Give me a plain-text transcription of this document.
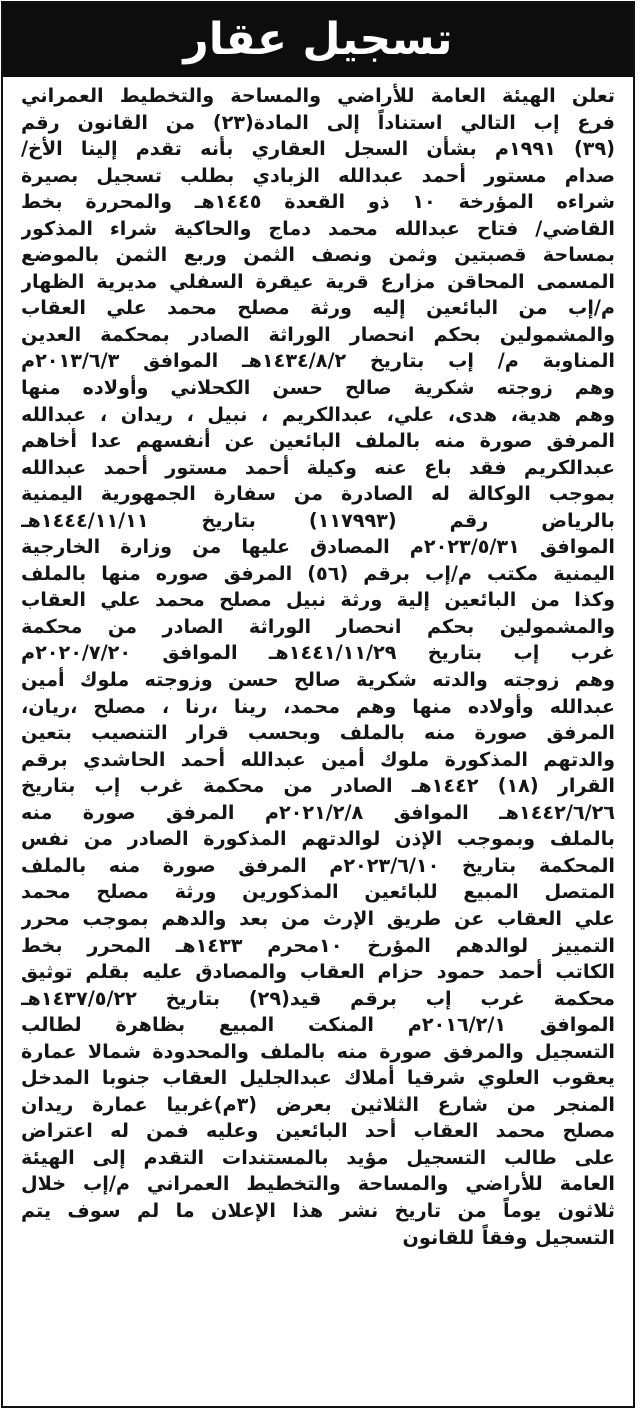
تسجيل عقار
تعلن الهيئة العامة للأراضي والمساحة والتخطيط العمراني
فرع إب التالي استناداً إلى المادة(٢٣) من القانون رقم
(٣٩) ١٩٩١م بشأن السجل العقاري بأنه تقدم إلينا الأخ/
صدام مستور أحمد عبدالله الزبادي بطلب تسجيل بصيرة
شراءه المؤرخة ١٠ ذو القعدة ١٤٤٥هـ والمحررة بخط
القاضي/ فتاح عبدالله محمد دماج والحاكية شراء المذكور
بمساحة قصبتين وثمن ونصف الثمن وربع الثمن بالموضع
المسمى المحاقن مزارع قرية عيقرة السفلي مديرية الظهار
م/إب من البائعين إليه ورثة مصلح محمد علي العقاب
والمشمولين بحكم انحصار الوراثة الصادر بمحكمة العدين
المناوبة م/ إب بتاريخ ١٤٣٤/٨/٢هـ الموافق ٢٠١٣/٦/٣م
وهم زوجته شكرية صالح حسن الكحلاني وأولاده منها
وهم هدية، هدى، علي، عبدالكريم ، نبيل ، ريدان ، عبدالله
المرفق صورة منه بالملف البائعين عن أنفسهم عدا أخاهم
عبدالكريم فقد باع عنه وكيلة أحمد مستور أحمد عبدالله
بموجب الوكالة له الصادرة من سفارة الجمهورية اليمنية
بالرياض رقم (١١٧٩٩٣) بتاريخ ١٤٤٤/١١/١١هـ
الموافق ٢٠٢٣/٥/٣١م المصادق عليها من وزارة الخارجية
اليمنية مكتب م/إب برقم (٥٦) المرفق صوره منها بالملف
وكذا من البائعين إلية ورثة نبيل مصلح محمد علي العقاب
والمشمولين بحكم انحصار الوراثة الصادر من محكمة
غرب إب بتاريخ ١٤٤١/١١/٢٩هـ الموافق ٢٠٢٠/٧/٢٠م
وهم زوجته والدته شكرية صالح حسن وزوجته ملوك أمين
عبدالله وأولاده منها وهم محمد، رينا ،رنا ، مصلح ،ريان،
المرفق صورة منه بالملف وبحسب قرار التنصيب بتعين
والدتهم المذكورة ملوك أمين عبدالله أحمد الحاشدي برقم
القرار (١٨) ١٤٤٢هـ الصادر من محكمة غرب إب بتاريخ
١٤٤٢/٦/٢٦هـ الموافق ٢٠٢١/٢/٨م المرفق صورة منه
بالملف وبموجب الإذن لوالدتهم المذكورة الصادر من نفس
المحكمة بتاريخ ٢٠٢٣/٦/١٠م المرفق صورة منه بالملف
المتصل المبيع للبائعين المذكورين ورثة مصلح محمد
علي العقاب عن طريق الإرث من بعد والدهم بموجب محرر
التمييز لوالدهم المؤرخ ١٠محرم ١٤٣٣هـ المحرر بخط
الكاتب أحمد حمود حزام العقاب والمصادق عليه بقلم توثيق
محكمة غرب إب برقم قيد(٢٩) بتاريخ ١٤٣٧/٥/٢٢هـ
الموافق ٢٠١٦/٢/١م المنكت المبيع بظاهرة لطالب
التسجيل والمرفق صورة منه بالملف والمحدودة شمالا عمارة
يعقوب العلوي شرقيا أملاك عبدالجليل العقاب جنوبا المدخل
المنجر من شارع الثلاثين بعرض (٣م)غربيا عمارة ريدان
مصلح محمد العقاب أحد البائعين وعليه فمن له اعتراض
على طالب التسجيل مؤيد بالمستندات التقدم إلى الهيئة
العامة للأراضي والمساحة والتخطيط العمراني م/إب خلال
ثلاثون يوماً من تاريخ نشر هذا الإعلان ما لم سوف يتم
التسجيل وفقاً للقانون
